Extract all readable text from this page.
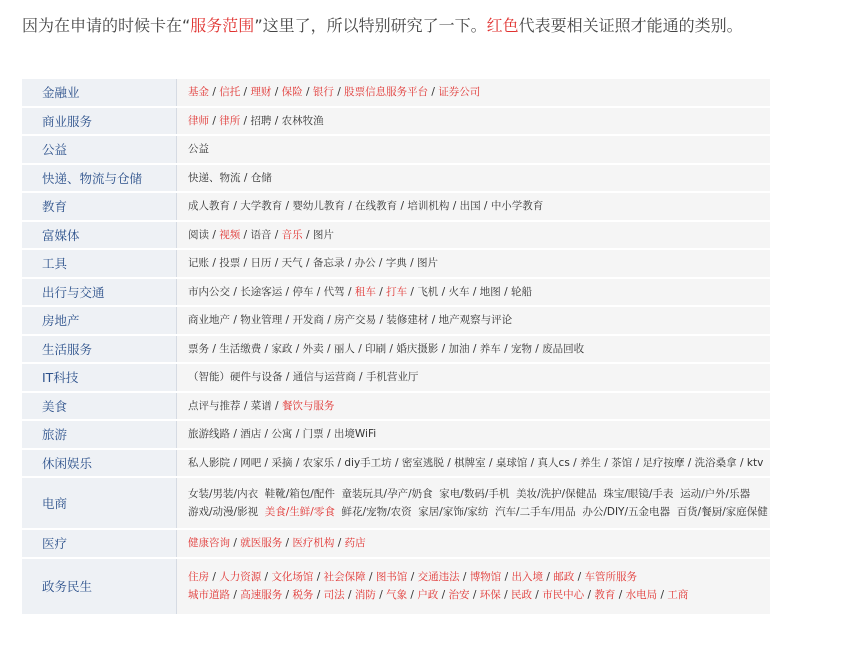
因为在申请的时候卡在“服务范围”这里了，所以特别研究了一下。红色代表要相关证照才能通的类别。
金融业	基金 / 信托 / 理财 / 保险 / 银行 / 股票信息服务平台 / 证券公司

商业服务	律师 / 律所 / 招聘 / 农林牧渔

公益	公益

快递、物流与仓储	快递、物流 / 仓储

教育	成人教育 / 大学教育 / 婴幼儿教育 / 在线教育 / 培训机构 / 出国 / 中小学教育

富媒体	阅读 / 视频 / 语音 / 音乐 / 图片

工具	记账 / 投票 / 日历 / 天气 / 备忘录 / 办公 / 字典 / 图片

出行与交通	市内公交 / 长途客运 / 停车 / 代驾 / 租车 / 打车 / 飞机 / 火车 / 地图 / 轮船

房地产	商业地产 / 物业管理 / 开发商 / 房产交易 / 装修建材 / 地产观察与评论

生活服务	票务 / 生活缴费 / 家政 / 外卖 / 丽人 / 印刷 / 婚庆摄影 / 加油 / 养车 / 宠物 / 废品回收

IT科技	（智能）硬件与设备 / 通信与运营商 / 手机营业厅

美食	点评与推荐 / 菜谱 / 餐饮与服务

旅游	旅游线路 / 酒店 / 公寓 / 门票 / 出境WiFi

休闲娱乐	私人影院 / 网吧 / 采摘 / 农家乐 / diy手工坊 / 密室逃脱 / 棋牌室 / 桌球馆 / 真人cs / 养生 / 茶馆 / 足疗按摩 / 洗浴桑拿 / ktv

电商	女装/男装/内衣 鞋靴/箱包/配件 童装玩具/孕产/奶食 家电/数码/手机 美妆/洗护/保健品 珠宝/眼镜/手表 运动/户外/乐器
游戏/动漫/影视 美食/生鲜/零食 鲜花/宠物/农资 家居/家饰/家纺 汽车/二手车/用品 办公/DIY/五金电器 百货/餐厨/家庭保健

医疗	健康咨询 / 就医服务 / 医疗机构 / 药店

政务民生	住房 / 人力资源 / 文化场馆 / 社会保障 / 图书馆 / 交通违法 / 博物馆 / 出入境 / 邮政 / 车管所服务
城市道路 / 高速服务 / 税务 / 司法 / 消防 / 气象 / 户政 / 治安 / 环保 / 民政 / 市民中心 / 教育 / 水电局 / 工商
